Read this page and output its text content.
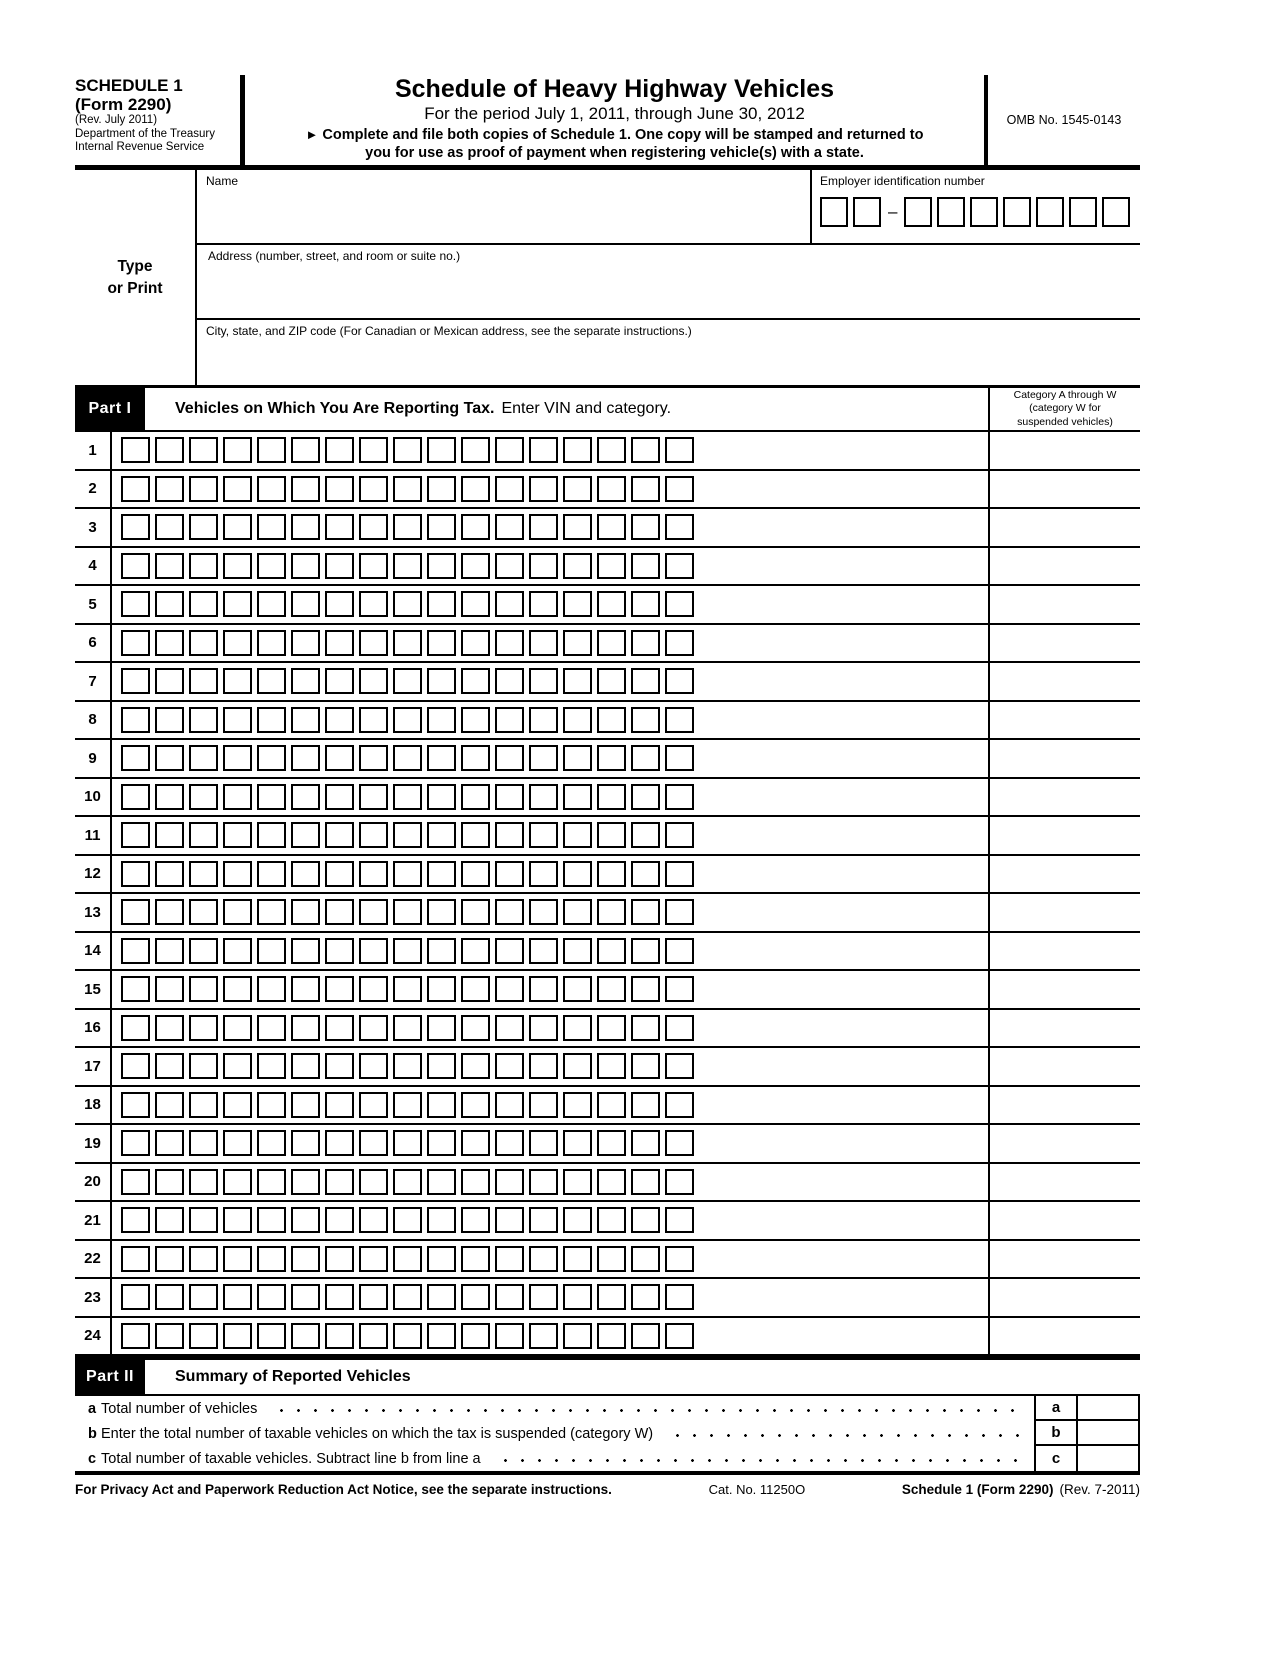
SCHEDULE 1
(Form 2290)
(Rev. July 2011)
Department of the Treasury
Internal Revenue Service
Schedule of Heavy Highway Vehicles
For the period July 1, 2011, through June 30, 2012
► Complete and file both copies of Schedule 1. One copy will be stamped and returned to
you for use as proof of payment when registering vehicle(s) with a state.
OMB No. 1545-0143
Type
or Print
Name	Employer identification number
–
Address (number, street, and room or suite no.)
City, state, and ZIP code (For Canadian or Mexican address, see the separate instructions.)
Part I	Vehicles on Which You Are Reporting Tax. Enter VIN and category.
Category A through W
(category W for
suspended vehicles)
1
2
3
4
5
6
7
8
9
10
11
12
13
14
15
16
17
18
19
20
21
22
23
24
Part II	Summary of Reported Vehicles
a Total number of vehicles	a
b Enter the total number of taxable vehicles on which the tax is suspended (category W)	b
c Total number of taxable vehicles. Subtract line b from line a	c
For Privacy Act and Paperwork Reduction Act Notice, see the separate instructions.	Cat. No. 11250O	Schedule 1 (Form 2290) (Rev. 7-2011)
